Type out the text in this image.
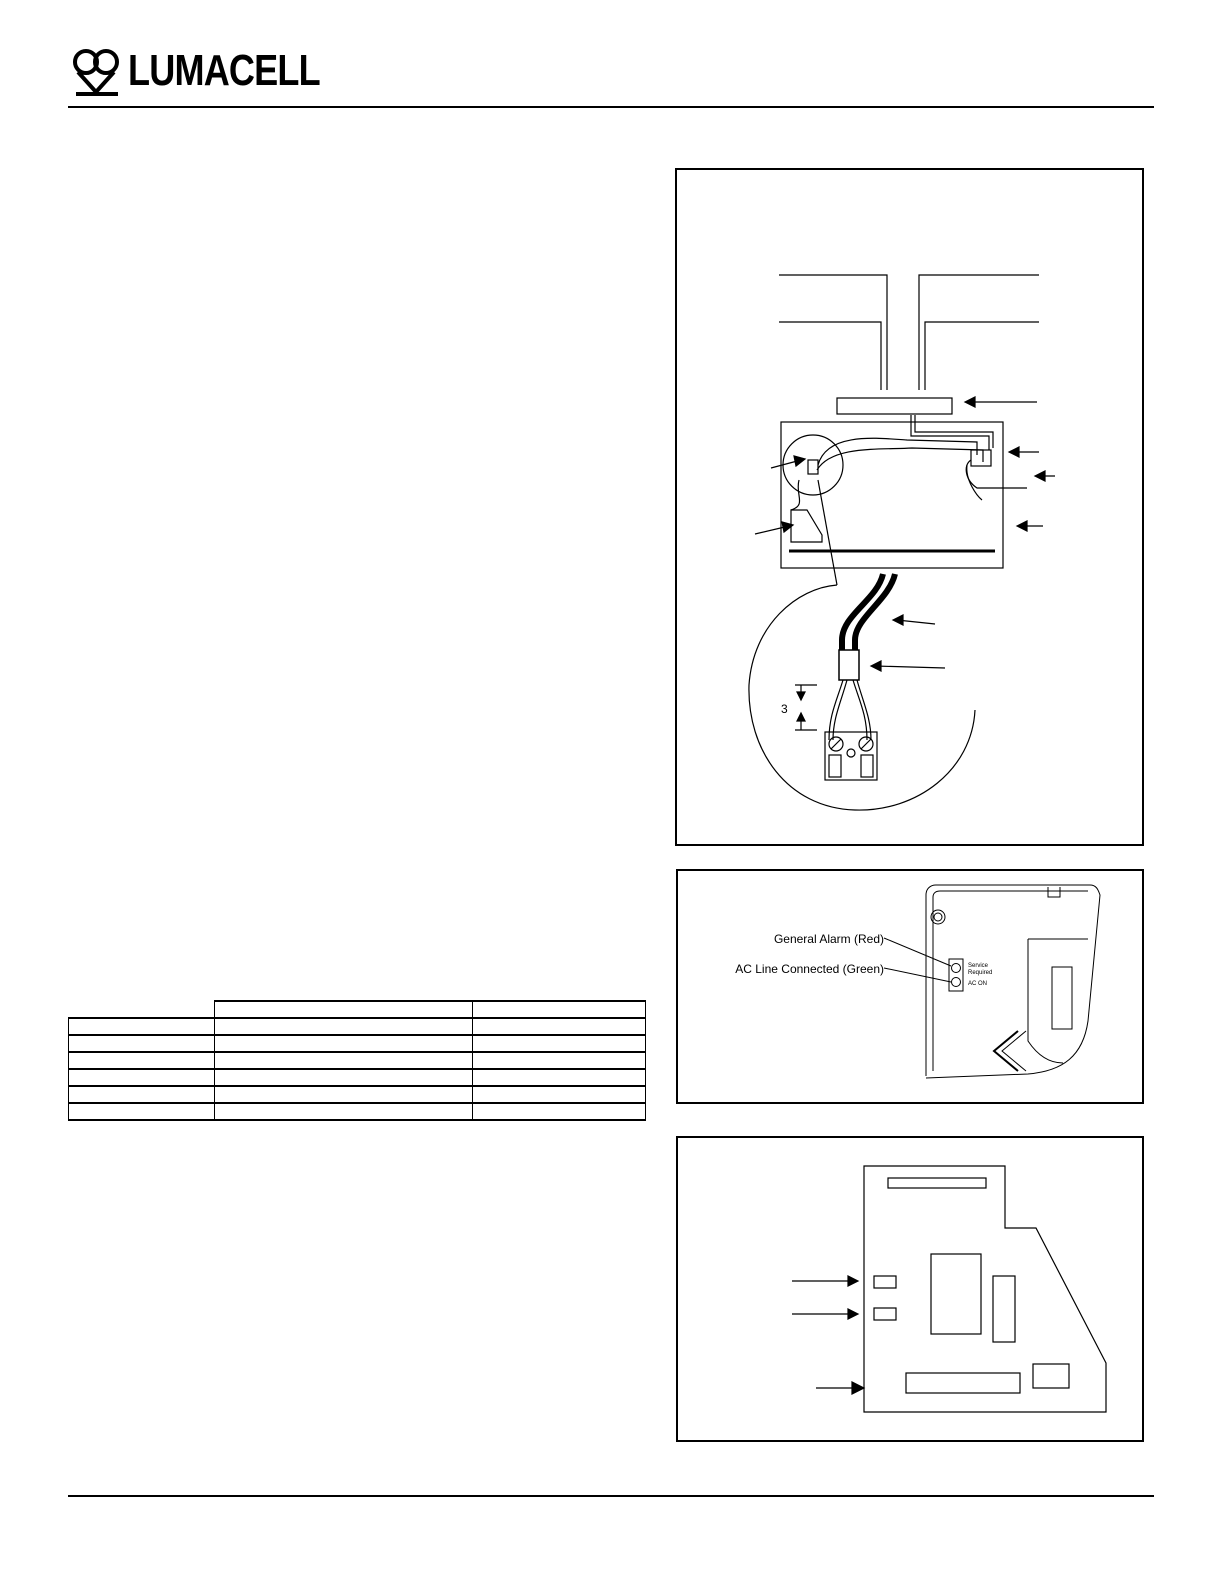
LUMACELL
3
General Alarm (Red)
AC Line Connected (Green)	Service Required
AC ON
